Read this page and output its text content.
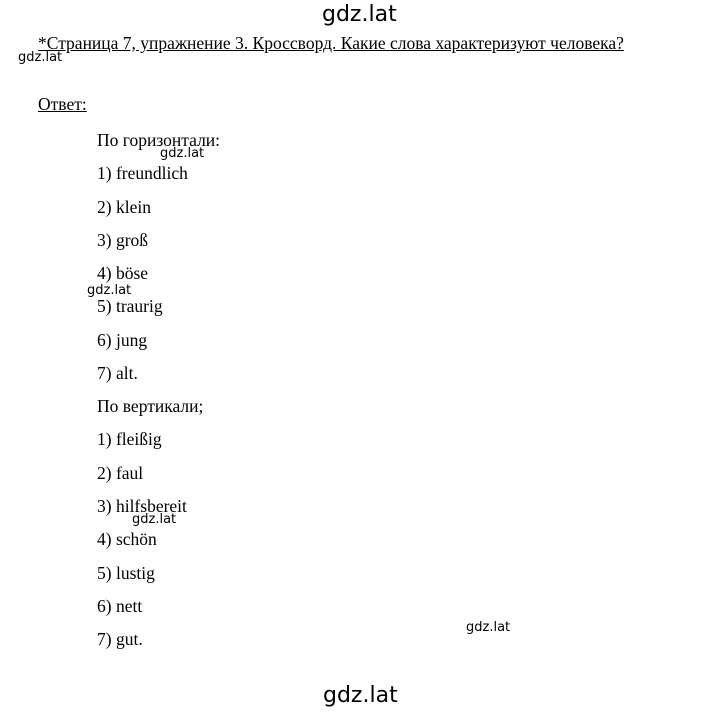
gdz.lat
gdz.lat
*Страница 7, упражнение 3. Кроссворд. Какие слова характеризуют человека?
Ответ:
По горизонтали:
gdz.lat
1) freundlich
2) klein
3) groß
4) böse
5) traurig
gdz.lat
6) jung
7) alt.
По вертикали;
1) fleißig
2) faul
3) hilfsbereit
gdz.lat
4) schön
5) lustig
6) nett
7) gut.
gdz.lat
gdz.lat
